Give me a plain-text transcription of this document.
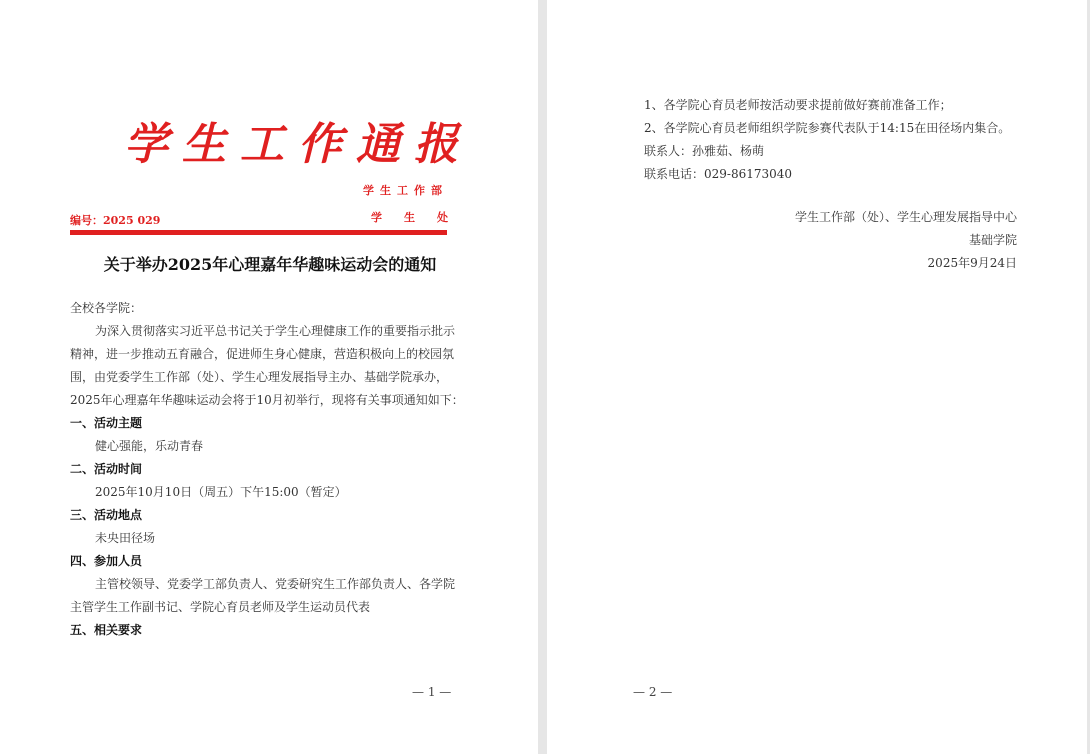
学生工作通报
学生工作部
学生处
编号：2025 029
关于举办2025年心理嘉年华趣味运动会的通知

全校各学院：

为深入贯彻落实习近平总书记关于学生心理健康工作的重要指示批示精神，进一步推动五育融合，促进师生身心健康，营造积极向上的校园氛围，由党委学生工作部（处）、学生心理发展指导主办、基础学院承办，2025年心理嘉年华趣味运动会将于10月初举行，现将有关事项通知如下：

一、活动主题

健心强能，乐动青春

二、活动时间

2025年10月10日（周五）下午15:00（暂定）

三、活动地点

未央田径场

四、参加人员

主管校领导、党委学工部负责人、党委研究生工作部负责人、各学院主管学生工作副书记、学院心育员老师及学生运动员代表

五、相关要求

— 1 —

1、各学院心育员老师按活动要求提前做好赛前准备工作；

2、各学院心育员老师组织学院参赛代表队于14:15在田径场内集合。

联系人：孙雅茹、杨萌

联系电话：029-86173040

学生工作部（处）、学生心理发展指导中心

基础学院

2025年9月24日

— 2 —
